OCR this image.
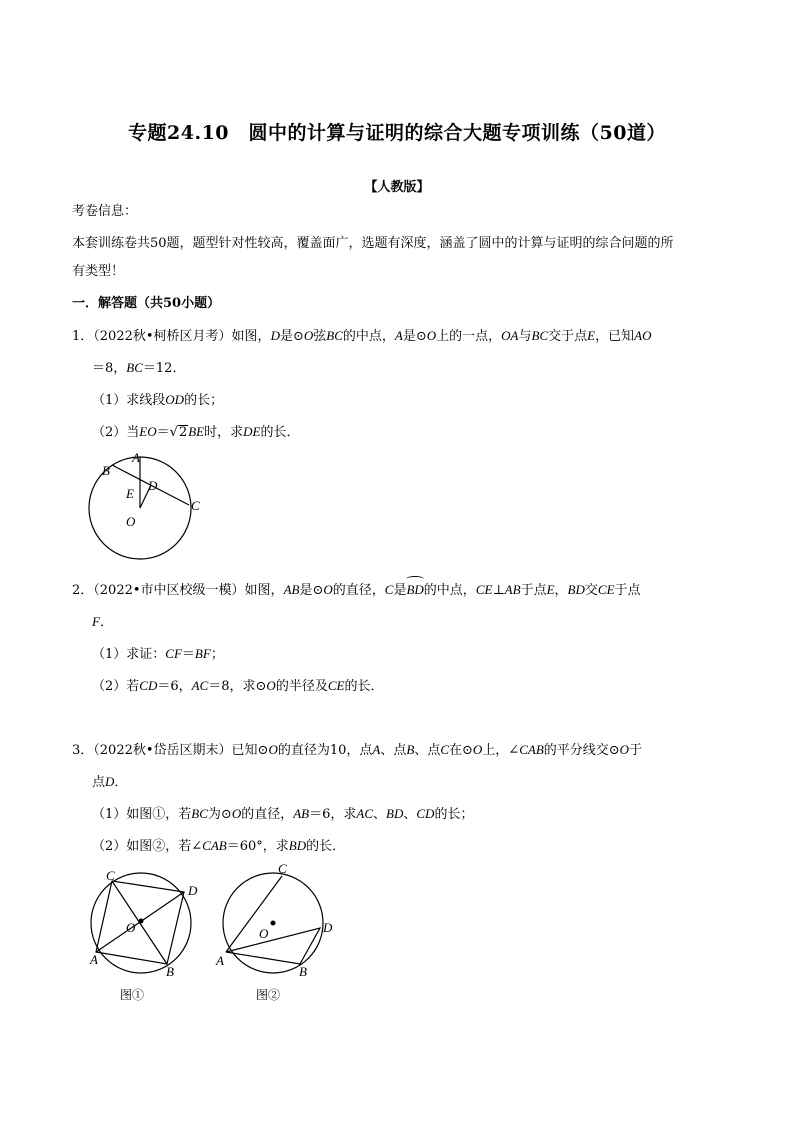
专题24.10　圆中的计算与证明的综合大题专项训练（50道）
【人教版】
考卷信息：
本套训练卷共50题，题型针对性较高，覆盖面广，选题有深度，涵盖了圆中的计算与证明的综合问题的所
有类型！
一．解答题（共50小题）
1．（2022秋•柯桥区月考）如图，D是⊙O弦BC的中点，A是⊙O上的一点，OA与BC交于点E，已知AO
＝8，BC＝12．
（1）求线段OD的长；
（2）当EO＝√2BE时，求DE的长．
A
B
C
D
E
O
2．（2022•市中区校级一模）如图，AB是⊙O的直径，C是BD的中点，CE⊥AB于点E，BD交CE于点
F．
（1）求证：CF＝BF；
（2）若CD＝6，AC＝8，求⊙O的半径及CE的长．
3．（2022秋•岱岳区期末）已知⊙O的直径为10，点A、点B、点C在⊙O上，∠CAB的平分线交⊙O于
点D．
（1）如图①，若BC为⊙O的直径，AB＝6，求AC、BD、CD的长；
（2）如图②，若∠CAB＝60°，求BD的长．
C
D
O
A
B
图①
C
D
O
A
B
图②
